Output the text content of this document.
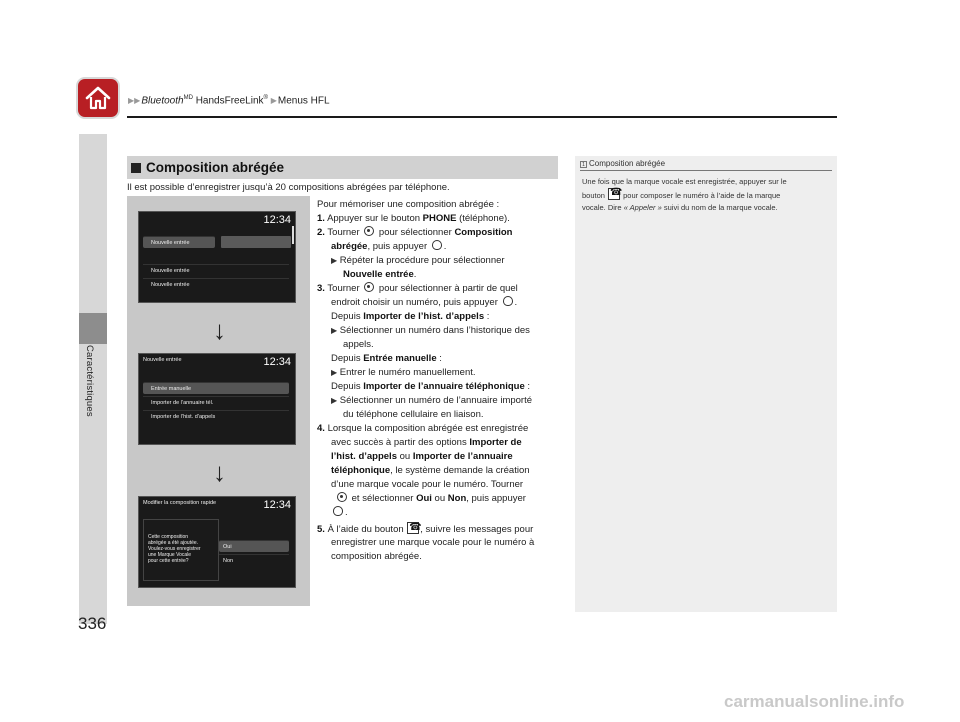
▶▶Bluetooth$^{MD}$ HandsFreeLink® ▶Menus HFL
Caractéristiques
336
Composition abrégée
Il est possible d’enregistrer jusqu’à 20 compositions abrégées par téléphone.
12:34
Nouvelle entrée
Nouvelle entrée
Nouvelle entrée
↓
Nouvelle entrée	12:34
Entrée manuelle
Importer de l’annuaire tél.
Importer de l’hist. d’appels
↓
Modifier la composition rapide	12:34
Cette composition
abrégée a été ajoutée.
Voulez-vous enregistrer
une Marque Vocale
pour cette entrée?
Oui
Non
Pour mémoriser une composition abrégée :
1. Appuyer sur le bouton PHONE (téléphone).
2. Tourner  pour sélectionner Composition
abrégée, puis appuyer .
▶ Répéter la procédure pour sélectionner
Nouvelle entrée.
3. Tourner  pour sélectionner à partir de quel
endroit choisir un numéro, puis appuyer .
Depuis Importer de l’hist. d’appels :
▶ Sélectionner un numéro dans l’historique des
appels.
Depuis Entrée manuelle :
▶ Entrer le numéro manuellement.
Depuis Importer de l’annuaire téléphonique :
▶ Sélectionner un numéro de l’annuaire importé
du téléphone cellulaire en liaison.
4. Lorsque la composition abrégée est enregistrée
avec succès à partir des options Importer de
l’hist. d’appels ou Importer de l’annuaire
téléphonique, le système demande la création
d’une marque vocale pour le numéro. Tourner
et sélectionner Oui ou Non, puis appuyer
.
5. À l’aide du bouton ☎, suivre les messages pour
enregistrer une marque vocale pour le numéro à
composition abrégée.
1 Composition abrégée
Une fois que la marque vocale est enregistrée, appuyer sur le
bouton ☎ pour composer le numéro à l’aide de la marque
vocale. Dire « Appeler » suivi du nom de la marque vocale.
carmanualsonline.info
